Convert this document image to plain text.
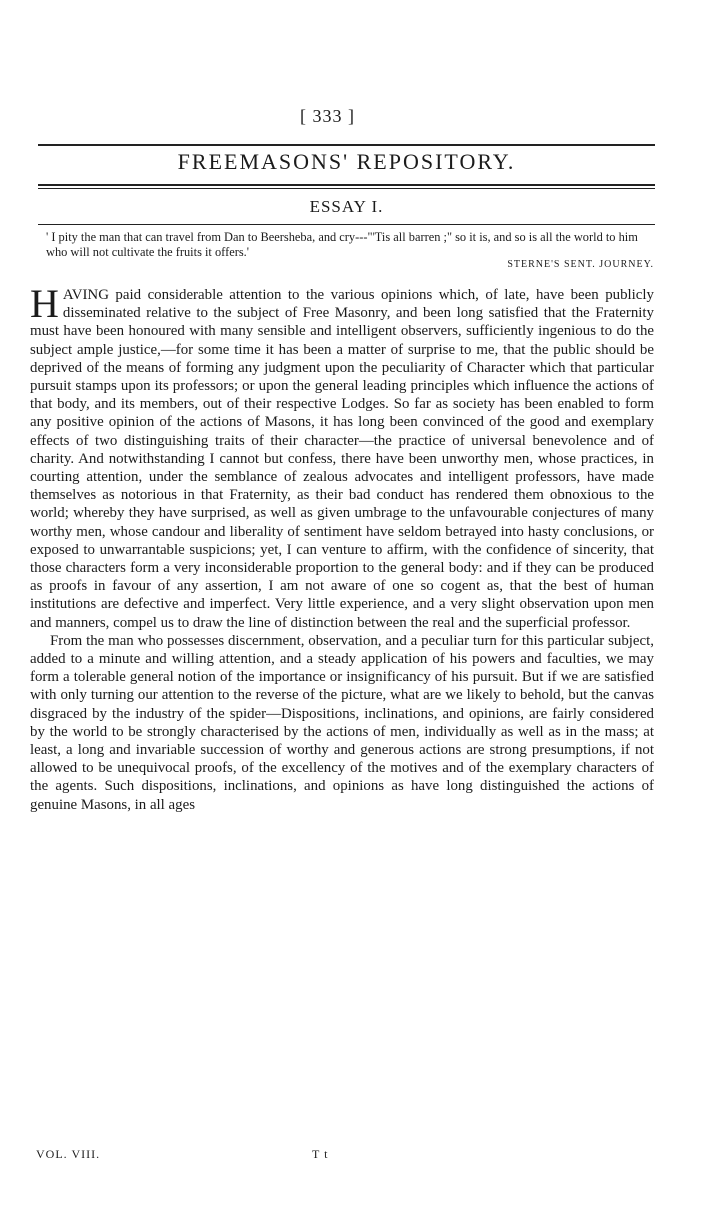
[ 333 ]
FREEMASONS' REPOSITORY.
ESSAY I.
' I pity the man that can travel from Dan to Beersheba, and cry---"'Tis all barren ;" so it is, and so is all the world to him who will not cultivate the fruits it offers.'
STERNE'S SENT. JOURNEY.

HAVING paid considerable attention to the various opinions which, of late, have been publicly disseminated relative to the subject of Free Masonry, and been long satisfied that the Fraternity must have been honoured with many sensible and intelligent observers, sufficiently ingenious to do the subject ample justice,—for some time it has been a matter of surprise to me, that the public should be deprived of the means of forming any judgment upon the peculiarity of Character which that particular pursuit stamps upon its professors; or upon the general leading principles which influence the actions of that body, and its members, out of their respective Lodges. So far as society has been enabled to form any positive opinion of the actions of Masons, it has long been convinced of the good and exemplary effects of two distinguishing traits of their character—the practice of universal benevolence and of charity. And notwithstanding I cannot but confess, there have been unworthy men, whose practices, in courting attention, under the semblance of zealous advocates and intelligent professors, have made themselves as notorious in that Fraternity, as their bad conduct has rendered them obnoxious to the world; whereby they have surprised, as well as given umbrage to the unfavourable conjectures of many worthy men, whose candour and liberality of sentiment have seldom betrayed into hasty conclusions, or exposed to unwarrantable suspicions; yet, I can venture to affirm, with the confidence of sincerity, that those characters form a very inconsiderable proportion to the general body: and if they can be produced as proofs in favour of any assertion, I am not aware of one so cogent as, that the best of human institutions are defective and imperfect. Very little experience, and a very slight observation upon men and manners, compel us to draw the line of distinction between the real and the superficial professor.

From the man who possesses discernment, observation, and a peculiar turn for this particular subject, added to a minute and willing attention, and a steady application of his powers and faculties, we may form a tolerable general notion of the importance or insignificancy of his pursuit. But if we are satisfied with only turning our attention to the reverse of the picture, what are we likely to behold, but the canvas disgraced by the industry of the spider—Dispositions, inclinations, and opinions, are fairly considered by the world to be strongly characterised by the actions of men, individually as well as in the mass; at least, a long and invariable succession of worthy and generous actions are strong presumptions, if not allowed to be unequivocal proofs, of the excellency of the motives and of the exemplary characters of the agents. Such dispositions, inclinations, and opinions as have long distinguished the actions of genuine Masons, in all ages

VOL. VIII.	T t
